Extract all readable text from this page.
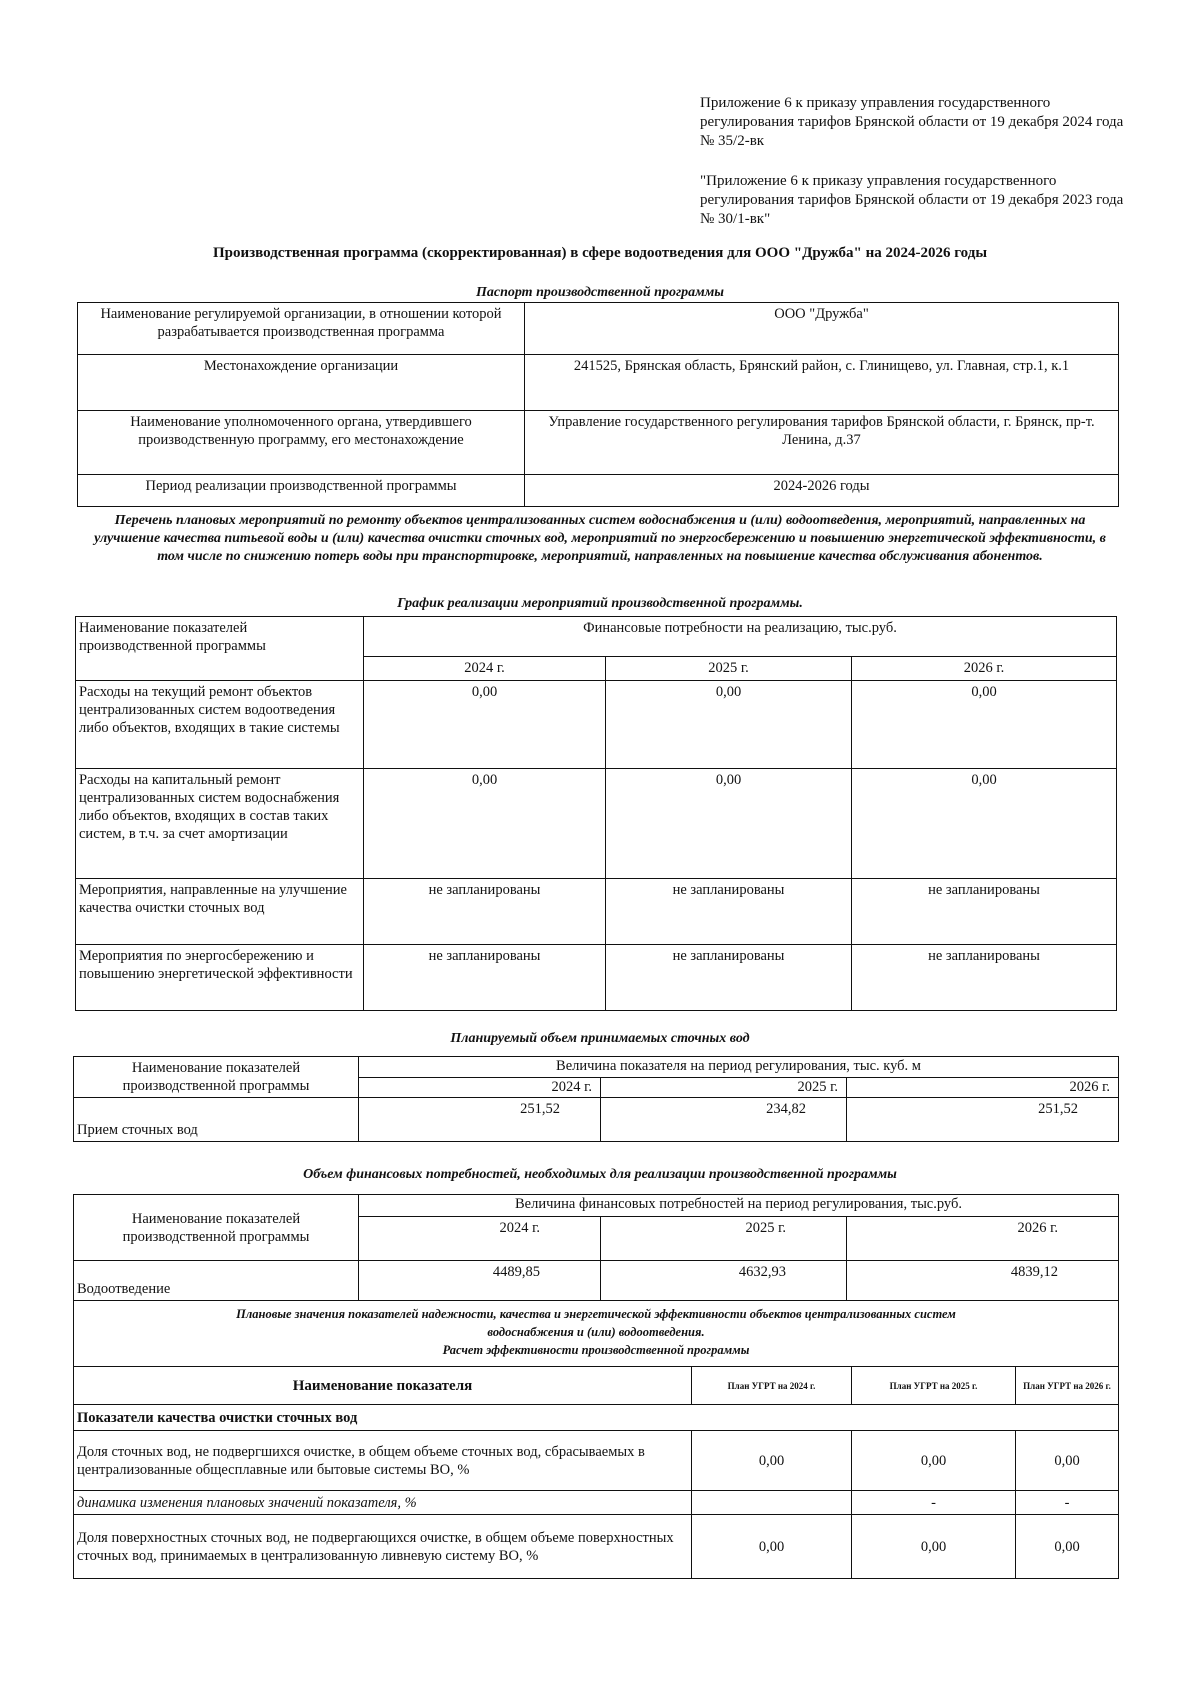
Приложение 6 к приказу управления государственного регулирования тарифов Брянской области от 19 декабря 2024 года № 35/2-вк
"Приложение 6 к приказу управления государственного регулирования тарифов Брянской области от 19 декабря 2023 года № 30/1-вк"
Производственная программа (скорректированная) в сфере водоотведения для ООО "Дружба" на 2024-2026 годы
Паспорт производственной программы
Наименование регулируемой организации, в отношении которой разрабатывается производственная программа	ООО "Дружба"
Местонахождение организации	241525, Брянская область, Брянский район, с. Глинищево, ул. Главная, стр.1, к.1
Наименование уполномоченного органа, утвердившего производственную программу, его местонахождение	Управление государственного регулирования тарифов Брянской области, г. Брянск, пр-т. Ленина, д.37
Период реализации производственной программы	2024-2026 годы
Перечень плановых мероприятий по ремонту объектов централизованных систем водоснабжения и (или) водоотведения, мероприятий, направленных на улучшение качества питьевой воды и (или) качества очистки сточных вод, мероприятий по энергосбережению и повышению энергетической эффективности, в том числе по снижению потерь воды при транспортировке, мероприятий, направленных на повышение качества обслуживания абонентов.
График реализации мероприятий производственной программы.
Наименование показателей производственной программы	Финансовые потребности на реализацию, тыс.руб.		
	2024 г.	2025 г.	2026 г.
Расходы на текущий ремонт объектов централизованных систем водоотведения либо объектов, входящих в такие системы	0,00	0,00	0,00
Расходы на капитальный ремонт централизованных систем водоснабжения либо объектов, входящих в состав таких систем, в т.ч. за счет амортизации	0,00	0,00	0,00
Мероприятия, направленные на улучшение качества очистки сточных вод	не запланированы	не запланированы	не запланированы
Мероприятия по энергосбережению и повышению энергетической эффективности	не запланированы	не запланированы	не запланированы
Планируемый объем принимаемых сточных вод
Наименование показателей производственной программы	Величина показателя на период регулирования, тыс. куб. м		
	2024 г.	2025 г.	2026 г.
Прием сточных вод	251,52	234,82	251,52
Объем финансовых потребностей, необходимых для реализации производственной программы
Наименование показателей производственной программы	Величина финансовых потребностей на период регулирования, тыс.руб.		
	2024 г.	2025 г.	2026 г.
Водоотведение	4489,85	4632,93	4839,12

Плановые значения показателей надежности, качества и энергетической эффективности объектов централизованных систем водоснабжения и (или) водоотведения.
Расчет эффективности производственной программы			
Наименование показателя	План УГРТ на 2024 г.	План УГРТ на 2025 г.	План УГРТ на 2026 г.
Показатели качества очистки сточных вод			
Доля сточных вод, не подвергшихся очистке, в общем объеме сточных вод, сбрасываемых в централизованные общесплавные или бытовые системы ВО, %	0,00	0,00	0,00
динамика изменения плановых значений показателя, %		-	-
Доля поверхностных сточных вод, не подвергающихся очистке, в общем объеме поверхностных сточных вод, принимаемых в централизованную ливневую систему ВО, %	0,00	0,00	0,00
